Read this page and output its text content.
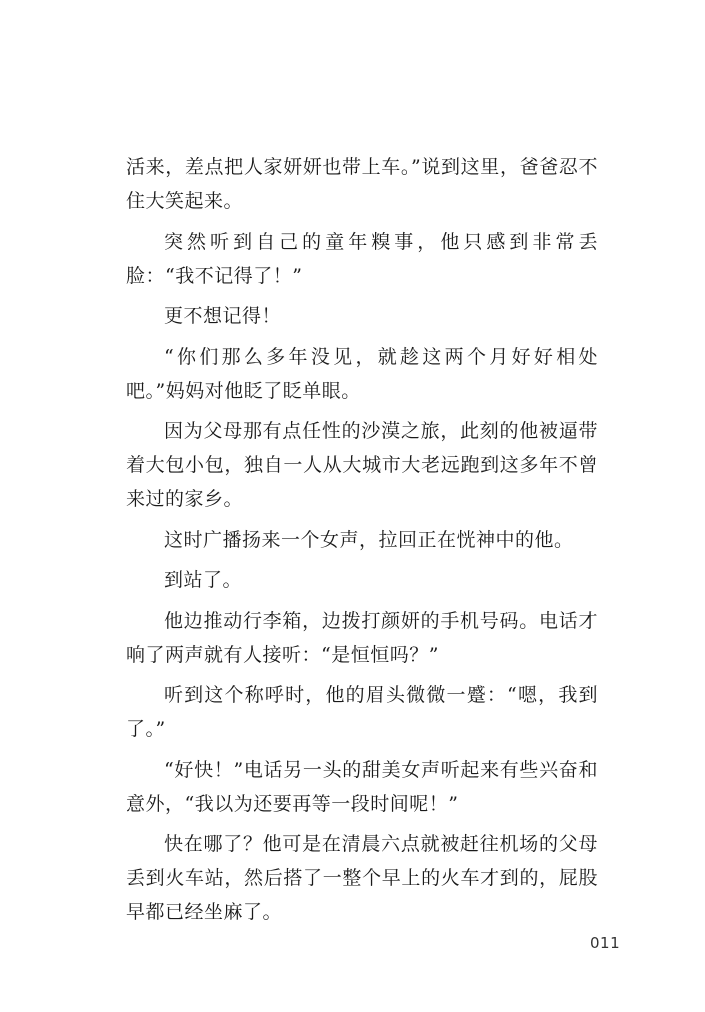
活来，差点把人家妍妍也带上车。”说到这里，爸爸忍不住大笑起来。

突然听到自己的童年糗事，他只感到非常丢脸：“我不记得了！”

更不想记得！

“你们那么多年没见，就趁这两个月好好相处吧。”妈妈对他眨了眨单眼。

因为父母那有点任性的沙漠之旅，此刻的他被逼带着大包小包，独自一人从大城市大老远跑到这多年不曾来过的家乡。

这时广播扬来一个女声，拉回正在恍神中的他。

到站了。

他边推动行李箱，边拨打颜妍的手机号码。电话才响了两声就有人接听：“是恒恒吗？”

听到这个称呼时，他的眉头微微一蹙：“嗯，我到了。”

“好快！”电话另一头的甜美女声听起来有些兴奋和意外，“我以为还要再等一段时间呢！”

快在哪了？他可是在清晨六点就被赶往机场的父母丢到火车站，然后搭了一整个早上的火车才到的，屁股早都已经坐麻了。

011
